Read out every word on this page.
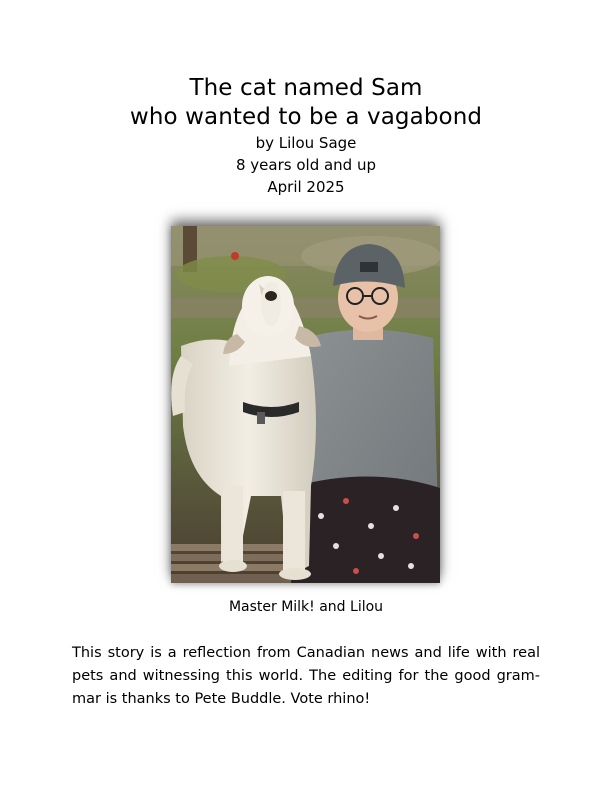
The cat named Sam
who wanted to be a vagabond
by Lilou Sage
8 years old and up
April 2025
Master Milk! and Lilou
This story is a reflection from Canadian news and life with real
pets and witnessing this world. The editing for the good gram-
mar is thanks to Pete Buddle. Vote rhino!
